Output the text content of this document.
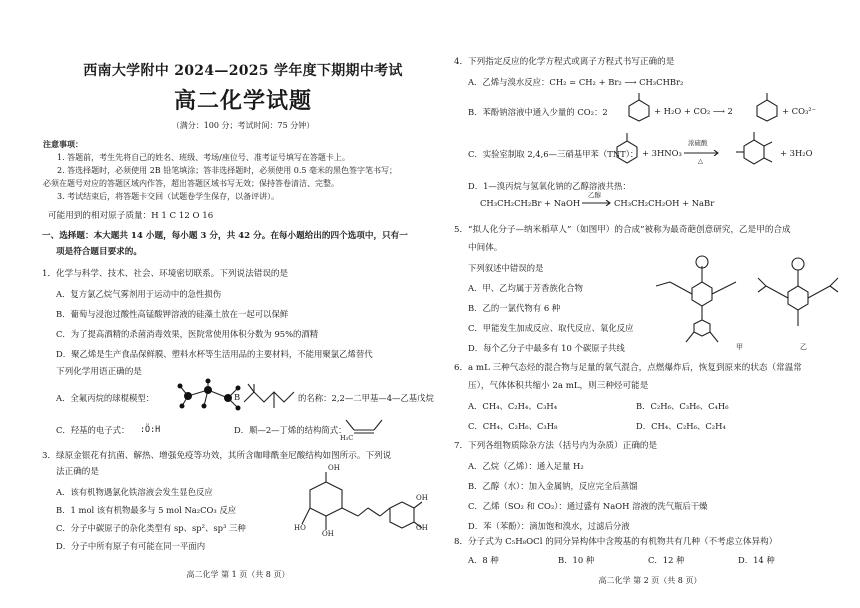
西南大学附中 2024—2025 学年度下期期中考试
高二化学试题
（满分：100 分；考试时间：75 分钟）
注意事项：
1. 答题前，考生先将自己的姓名、班级、考场/座位号、准考证号填写在答题卡上。
2. 答选择题时，必须使用 2B 铅笔填涂；答非选择题时，必须使用 0.5 毫米的黑色签字笔书写；
必须在题号对应的答题区域内作答，超出答题区域书写无效；保持答卷清洁、完整。
3. 考试结束后，将答题卡交回（试题卷学生保存，以备评讲）。
可能用到的相对原子质量：H 1 C 12 O 16
一、选择题：本大题共 14 小题，每小题 3 分，共 42 分。在每小题给出的四个选项中，只有一
项是符合题目要求的。
1．化学与科学、技术、社会、环境密切联系。下列说法错误的是
A．复方氯乙烷气雾剂用于运动中的急性损伤
B．葡萄与浸泡过酸性高锰酸钾溶液的硅藻土放在一起可以保鲜
C．为了提高酒精的杀菌消毒效果，医院常使用体积分数为 95%的酒精
D．聚乙烯是生产食品保鲜膜、塑料水杯等生活用品的主要材料，不能用聚氯乙烯替代
下列化学用语正确的是
A．全氟丙烷的球棍模型：	B	的名称：2,2—二甲基—4—乙基戊烷
C．羟基的电子式： :Ö:H	D．顺—2—丁烯的结构简式：
H₃C
3．绿原金银花有抗菌、解热、增强免疫等功效，其所含咖啡酰奎尼酸结构如图所示。下列说
法正确的是
A．该有机物遇氯化铁溶液会发生显色反应
B．1 mol 该有机物最多与 5 mol Na₂CO₃ 反应
C．分子中碳原子的杂化类型有 sp、sp²、sp³ 三种
D．分子中所有原子有可能在同一平面内
OH
OH
OH
OH
HO
高二化学 第 1 页（共 8 页）
4．下列指定反应的化学方程式或离子方程式书写正确的是
A．乙烯与溴水反应：CH₂ = CH₂ + Br₂ ⟶ CH₃CHBr₂
B．苯酚钠溶液中通入少量的 CO₂：2	+ H₂O + CO₂ ⟶ 2	+ CO₃²⁻
C．实验室制取 2,4,6—三硝基甲苯（TNT）： + 3HNO₃
浓硫酸
△
+ 3H₂O
D．1—溴丙烷与氢氧化钠的乙醇溶液共热：
CH₃CH₂CH₂Br + NaOH
乙醇
→ CH₃CH₂CH₂OH + NaBr
5．“拟人化分子—纳米稻草人”（如图甲）的合成”被称为最奇葩创意研究，乙是甲的合成
中间体。
下列叙述中错误的是
A．甲、乙均属于芳香族化合物
B．乙的一氯代物有 6 种
C．甲能发生加成反应、取代反应、氧化反应
D．每个乙分子中最多有 10 个碳原子共线	甲	乙
6．a mL 三种气态烃的混合物与足量的氧气混合，点燃爆炸后，恢复到原来的状态（常温常
压），气体体积共缩小 2a mL，则三种烃可能是
A．CH₄、C₂H₄、C₃H₄	B．C₂H₆、C₃H₆、C₄H₆
C．CH₄、C₂H₆、C₃H₈	D．CH₄、C₂H₆、C₂H₄
7．下列各组物质除杂方法（括号内为杂质）正确的是
A．乙烷（乙烯）：通入足量 H₂
B．乙醇（水）：加入金属钠，反应完全后蒸馏
C．乙烯（SO₂ 和 CO₂）：通过盛有 NaOH 溶液的洗气瓶后干燥
D．苯（苯酚）：滴加饱和溴水，过滤后分液
8．分子式为 C₅H₈OCl 的同分异构体中含羧基的有机物共有几种（不考虑立体异构）
A．8 种	B．10 种	C．12 种	D．14 种
高二化学 第 2 页（共 8 页）
